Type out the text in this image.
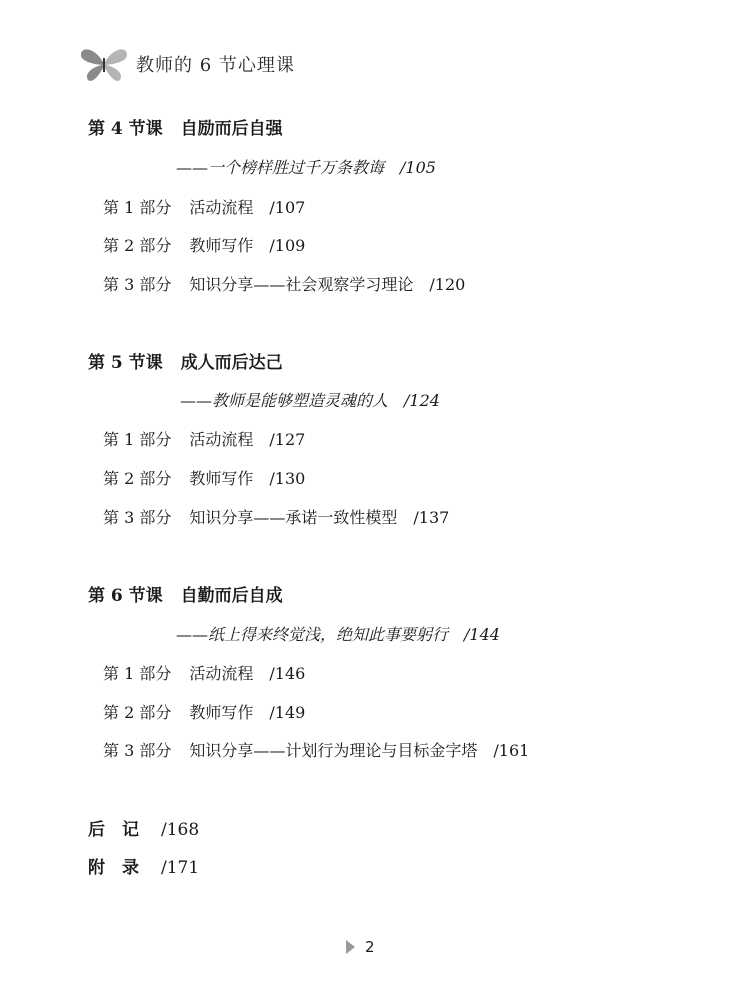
教师的 6 节心理课
第 4 节课 自励而后自强
——一个榜样胜过千万条教诲 /105
第 1 部分 活动流程 /107
第 2 部分 教师写作 /109
第 3 部分 知识分享——社会观察学习理论 /120
第 5 节课 成人而后达己
——教师是能够塑造灵魂的人 /124
第 1 部分 活动流程 /127
第 2 部分 教师写作 /130
第 3 部分 知识分享——承诺一致性模型 /137
第 6 节课 自勤而后自成
——纸上得来终觉浅，绝知此事要躬行 /144
第 1 部分 活动流程 /146
第 2 部分 教师写作 /149
第 3 部分 知识分享——计划行为理论与目标金字塔 /161
后　记 /168
附　录 /171
2
